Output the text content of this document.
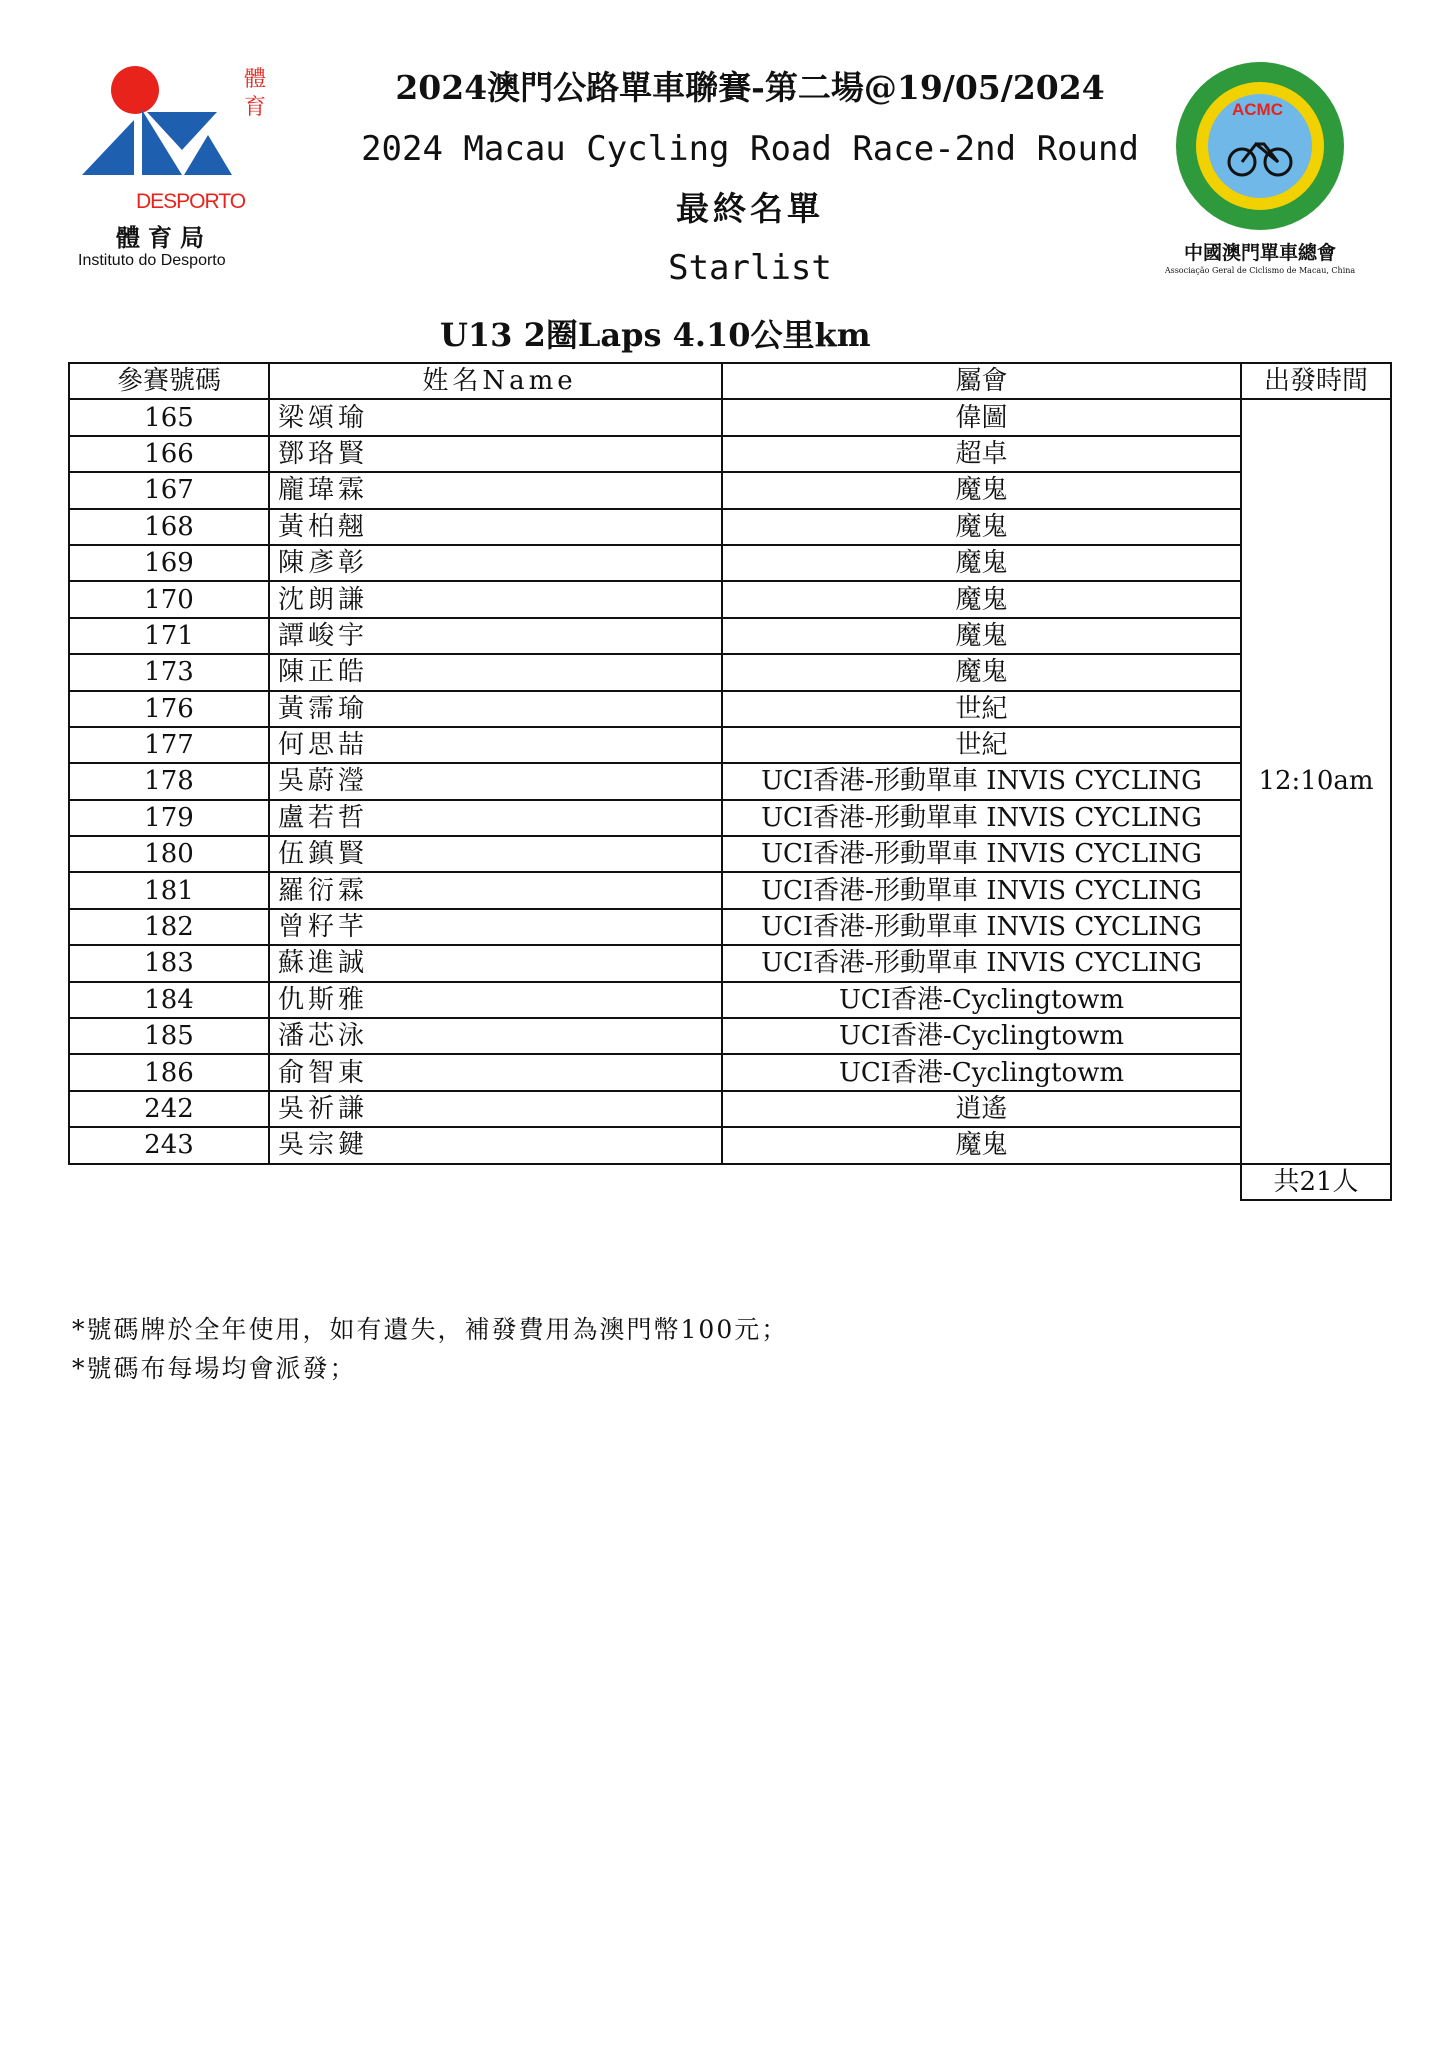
體
育
DESPORTO
體育局
Instituto do Desporto
2024澳門公路單車聯賽-第二場@19/05/2024
2024 Macau Cycling Road Race-2nd Round
最終名單
Starlist
ACMC
中國澳門單車總會
Associação Geral de Ciclismo de Macau, China
U13 2圈Laps 4.10公里km
參賽號碼	姓名Name	屬會	出發時間
165	梁頌瑜	偉圖	12:10am
166	鄧珞賢	超卓	
167	龐瑋霖	魔鬼	
168	黃柏翹	魔鬼	
169	陳彥彰	魔鬼	
170	沈朗謙	魔鬼	
171	譚峻宇	魔鬼	
173	陳正皓	魔鬼	
176	黃霈瑜	世紀	
177	何思喆	世紀	
178	吳蔚瀅	UCI香港-形動單車 INVIS CYCLING	
179	盧若哲	UCI香港-形動單車 INVIS CYCLING	
180	伍鎮賢	UCI香港-形動單車 INVIS CYCLING	
181	羅衍霖	UCI香港-形動單車 INVIS CYCLING	
182	曾籽芊	UCI香港-形動單車 INVIS CYCLING	
183	蘇進誠	UCI香港-形動單車 INVIS CYCLING	
184	仇斯雅	UCI香港-Cyclingtowm	
185	潘芯泳	UCI香港-Cyclingtowm	
186	俞智東	UCI香港-Cyclingtowm	
242	吳祈謙	逍遙	
243	吳宗鍵	魔鬼	
			共21人
*號碼牌於全年使用，如有遺失，補發費用為澳門幣100元；
*號碼布每場均會派發；
